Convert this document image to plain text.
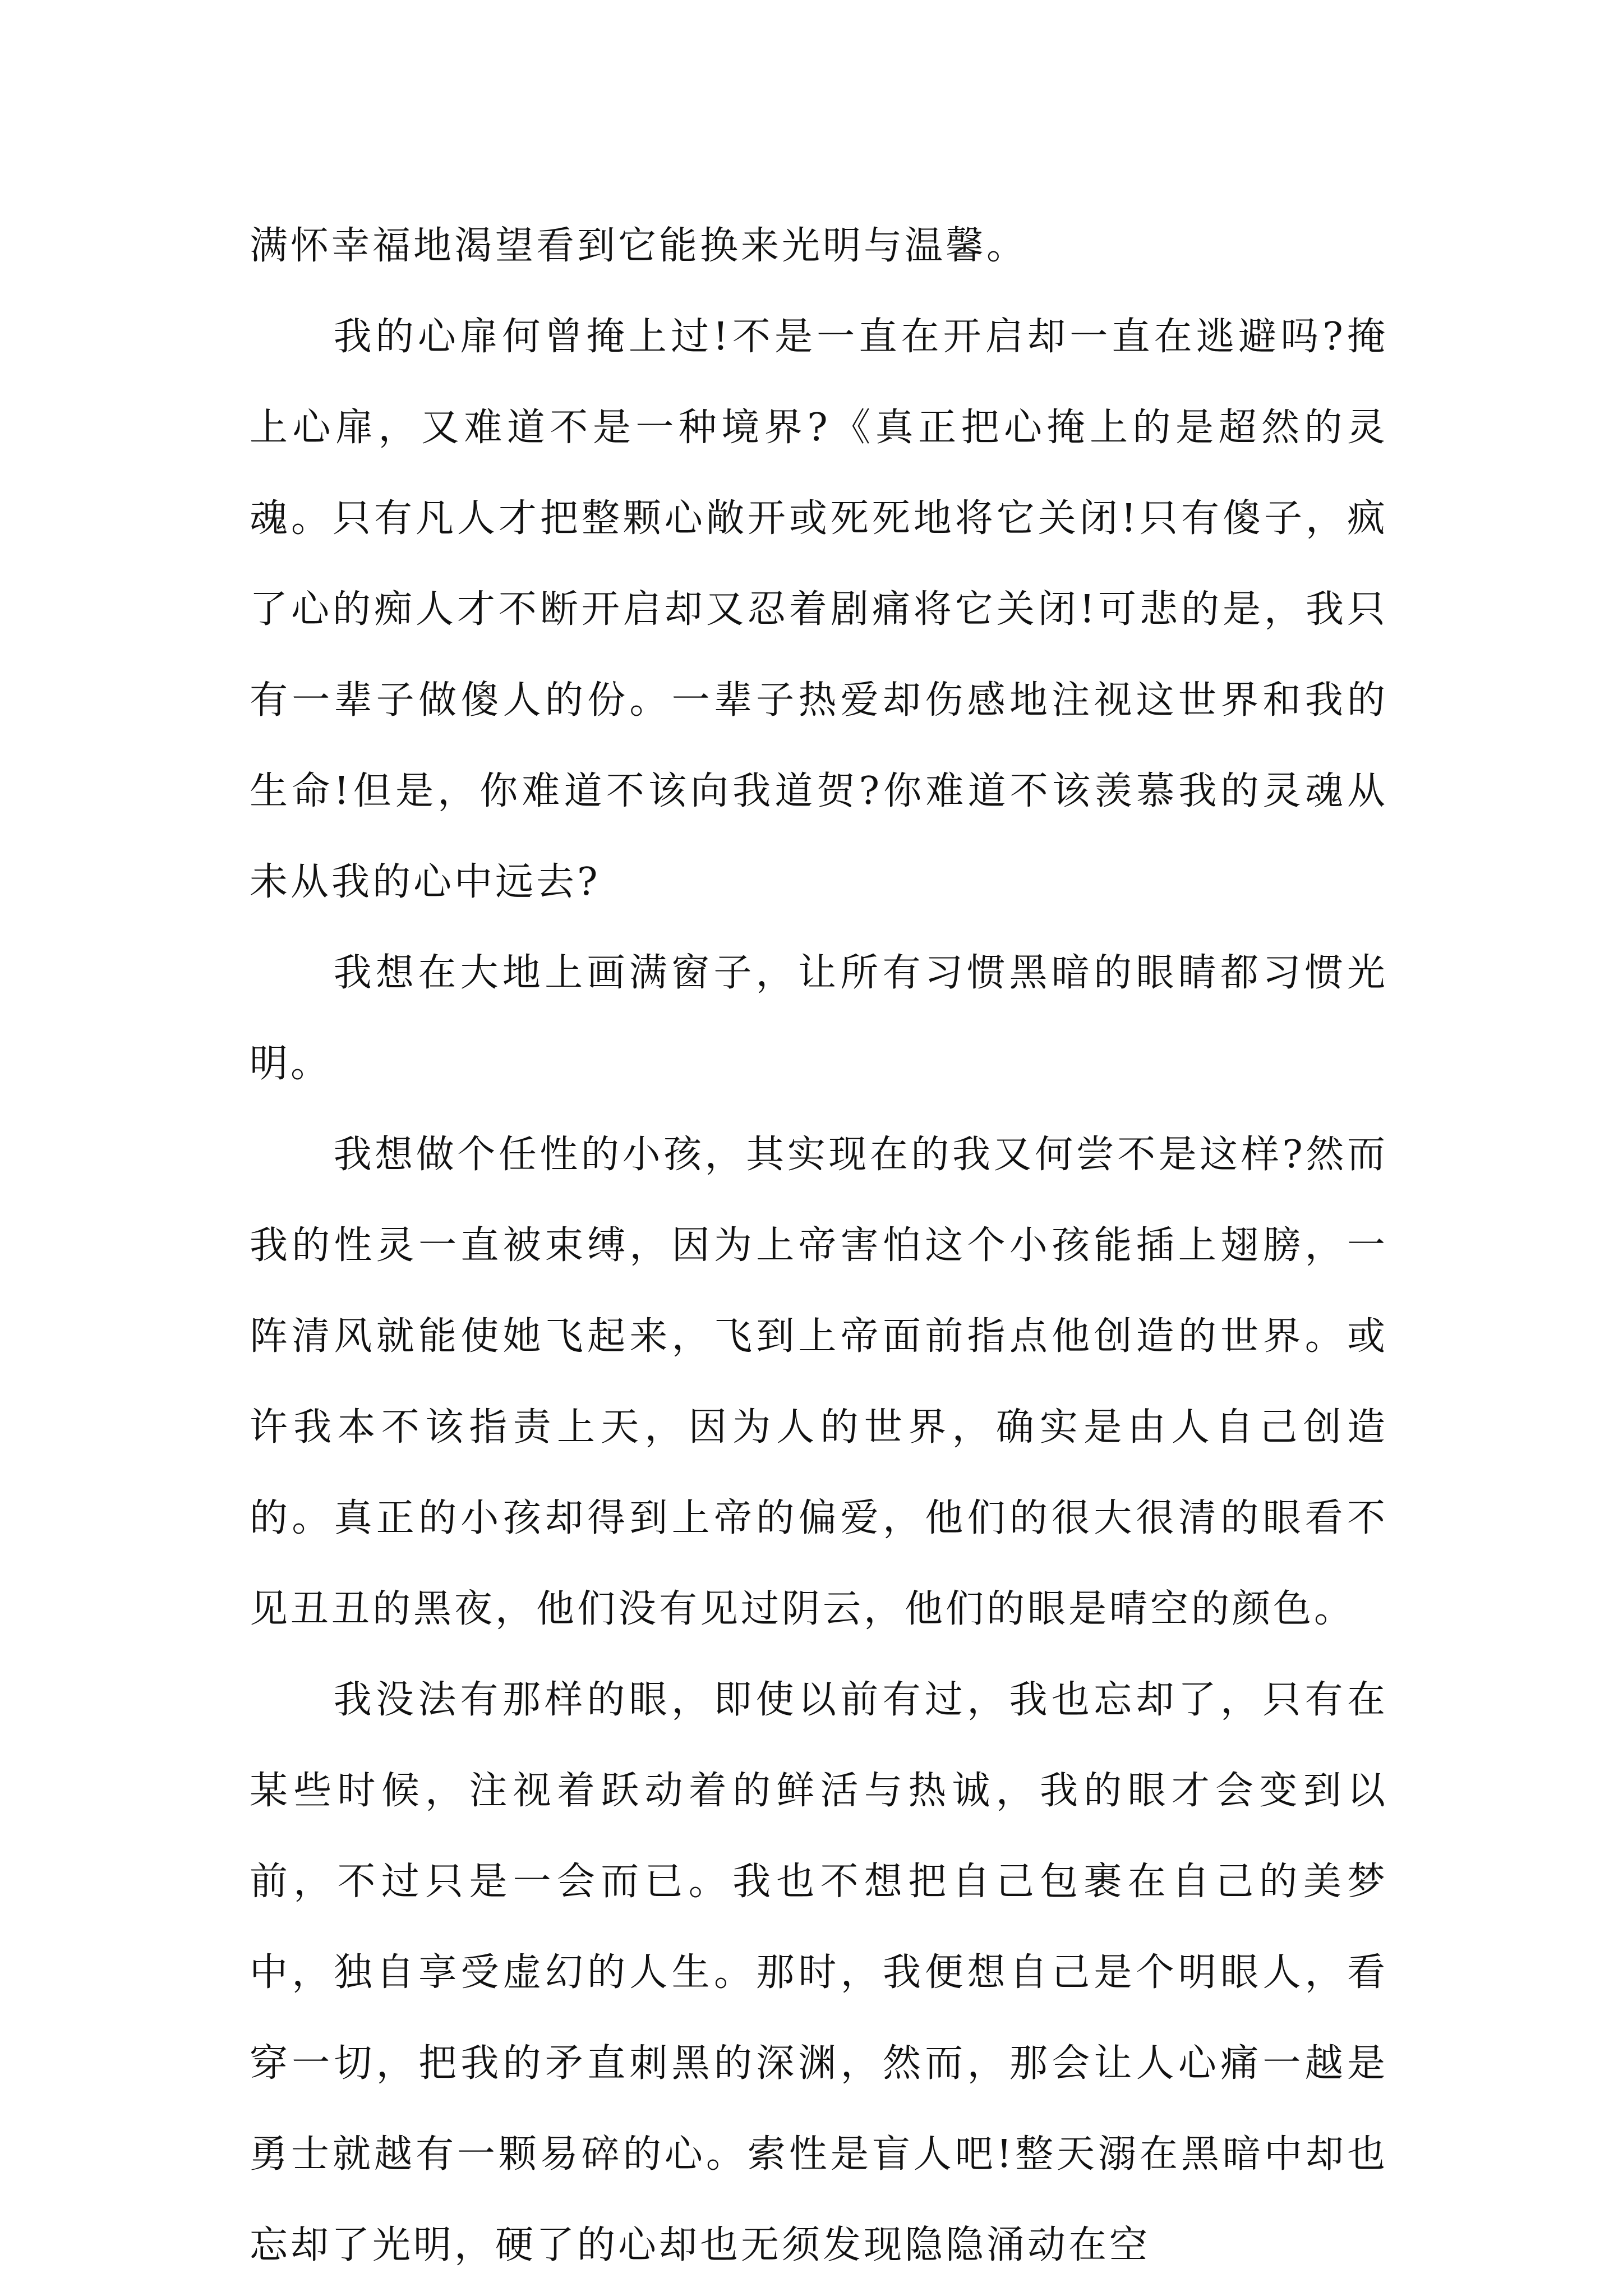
满怀幸福地渴望看到它能换来光明与温馨。

我的心扉何曾掩上过!不是一直在开启却一直在逃避吗?掩上心扉，又难道不是一种境界?《真正把心掩上的是超然的灵魂。只有凡人才把整颗心敞开或死死地将它关闭!只有傻子，疯了心的痴人才不断开启却又忍着剧痛将它关闭!可悲的是，我只有一辈子做傻人的份。一辈子热爱却伤感地注视这世界和我的生命!但是，你难道不该向我道贺?你难道不该羡慕我的灵魂从未从我的心中远去?

我想在大地上画满窗子，让所有习惯黑暗的眼睛都习惯光明。

我想做个任性的小孩，其实现在的我又何尝不是这样?然而我的性灵一直被束缚，因为上帝害怕这个小孩能插上翅膀，一阵清风就能使她飞起来，飞到上帝面前指点他创造的世界。或许我本不该指责上天，因为人的世界，确实是由人自己创造的。真正的小孩却得到上帝的偏爱，他们的很大很清的眼看不见丑丑的黑夜，他们没有见过阴云，他们的眼是晴空的颜色。

我没法有那样的眼，即使以前有过，我也忘却了，只有在某些时候，注视着跃动着的鲜活与热诚，我的眼才会变到以前，不过只是一会而已。我也不想把自己包裹在自己的美梦中，独自享受虚幻的人生。那时，我便想自己是个明眼人，看穿一切，把我的矛直刺黑的深渊，然而，那会让人心痛一越是勇士就越有一颗易碎的心。索性是盲人吧!整天溺在黑暗中却也忘却了光明，硬了的心却也无须发现隐隐涌动在空
